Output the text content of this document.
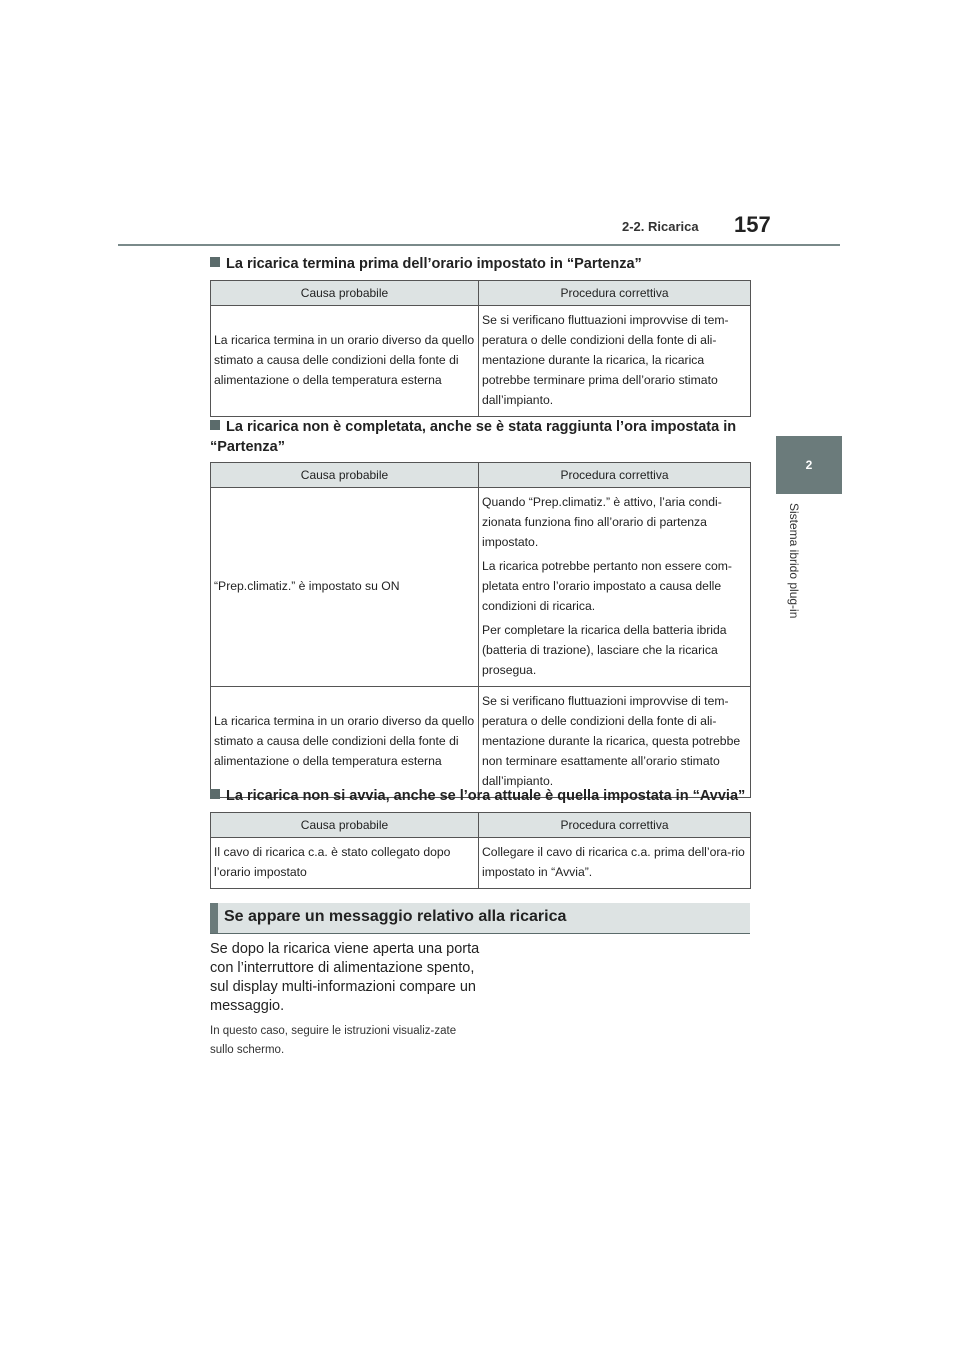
2-2. Ricarica 157
2
Sistema ibrido plug-in
La ricarica termina prima dell’orario impostato in “Partenza”
Causa probabile	Procedura correttiva
La ricarica termina in un orario diverso da quello stimato a causa delle condizioni della fonte di alimentazione o della temperatura esterna	Se si verificano fluttuazioni improvvise di tem-peratura o delle condizioni della fonte di ali-mentazione durante la ricarica, la ricarica potrebbe terminare prima dell’orario stimato dall’impianto.

La ricarica non è completata, anche se è stata raggiunta l’ora impostata in “Partenza”
Causa probabile	Procedura correttiva
“Prep.climatiz.” è impostato su ON	Quando “Prep.climatiz.” è attivo, l’aria condi-zionata funziona fino all’orario di partenza impostato.

La ricarica potrebbe pertanto non essere com-pletata entro l’orario impostato a causa delle condizioni di ricarica.

Per completare la ricarica della batteria ibrida (batteria di trazione), lasciare che la ricarica prosegua.

La ricarica termina in un orario diverso da quello stimato a causa delle condizioni della fonte di alimentazione o della temperatura esterna	Se si verificano fluttuazioni improvvise di tem-peratura o delle condizioni della fonte di ali-mentazione durante la ricarica, questa potrebbe non terminare esattamente all’orario stimato dall’impianto.

La ricarica non si avvia, anche se l’ora attuale è quella impostata in “Avvia”
Causa probabile	Procedura correttiva
Il cavo di ricarica c.a. è stato collegato dopo l’orario impostato	Collegare il cavo di ricarica c.a. prima dell’ora-rio impostato in “Avvia”.

Se appare un messaggio relativo alla ricarica
Se dopo la ricarica viene aperta una porta con l’interruttore di alimentazione spento, sul display multi-informazioni compare un messaggio.
In questo caso, seguire le istruzioni visualiz-zate sullo schermo.
